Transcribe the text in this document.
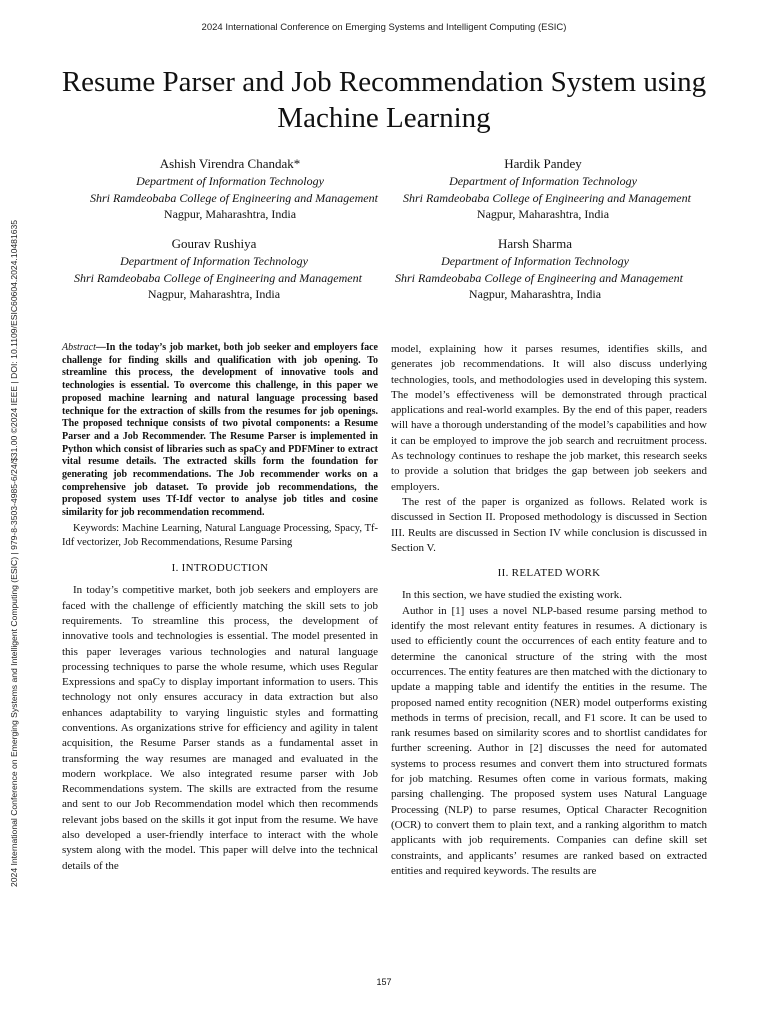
2024 International Conference on Emerging Systems and Intelligent Computing (ESIC)
2024 International Conference on Emerging Systems and Intelligent Computing (ESIC) | 979-8-3503-4985-6/24/$31.00 ©2024 IEEE | DOI: 10.1109/ESIC60604.2024.10481635
Resume Parser and Job Recommendation System using Machine Learning
Ashish Virendra Chandak*
Department of Information Technology
Shri Ramdeobaba College of Engineering and Management
Nagpur, Maharashtra, India
Hardik Pandey
Department of Information Technology
Shri Ramdeobaba College of Engineering and Management
Nagpur, Maharashtra, India
Gourav Rushiya
Department of Information Technology
Shri Ramdeobaba College of Engineering and Management
Nagpur, Maharashtra, India
Harsh Sharma
Department of Information Technology
Shri Ramdeobaba College of Engineering and Management
Nagpur, Maharashtra, India

Abstract—In the today’s job market, both job seeker and employers face challenge for finding skills and qualification with job opening. To streamline this process, the development of innovative tools and technologies is essential. To overcome this challenge, in this paper we proposed machine learning and natural language processing based technique for the extraction of skills from the resumes for job openings. The proposed technique consists of two pivotal components: a Resume Parser and a Job Recommender. The Resume Parser is implemented in Python which consist of libraries such as spaCy and PDFMiner to extract vital resume details. The extracted skills form the foundation for generating job recommendations. The Job recommender works on a comprehensive job dataset. To provide job recommendations, the proposed system uses Tf-Idf vector to analyse job titles and cosine similarity for job recommendation recommend.

Keywords: Machine Learning, Natural Language Processing, Spacy, Tf-Idf vectorizer, Job Recommendations, Resume Parsing

I. INTRODUCTION

In today’s competitive market, both job seekers and employers are faced with the challenge of efficiently matching the skill sets to job requirements. To streamline this process, the development of innovative tools and technologies is essential. The model presented in this paper leverages various technologies and natural language processing techniques to parse the whole resume, which uses Regular Expressions and spaCy to display important information to users. This technology not only ensures accuracy in data extraction but also enhances adaptability to varying linguistic styles and formatting conventions. As organizations strive for efficiency and agility in talent acquisition, the Resume Parser stands as a fundamental asset in transforming the way resumes are managed and evaluated in the modern workplace. We also integrated resume parser with Job Recommendations system. The skills are extracted from the resume and sent to our Job Recommendation model which then recommends relevant jobs based on the skills it got input from the resume. We have also developed a user-friendly interface to interact with the whole system along with the model. This paper will delve into the technical details of the

model, explaining how it parses resumes, identifies skills, and generates job recommendations. It will also discuss underlying technologies, tools, and methodologies used in developing this system. The model’s effectiveness will be demonstrated through practical applications and real-world examples. By the end of this paper, readers will have a thorough understanding of the model’s capabilities and how it can be employed to improve the job search and recruitment process. As technology continues to reshape the job market, this research seeks to provide a solution that bridges the gap between job seekers and employers.

The rest of the paper is organized as follows. Related work is discussed in Section II. Proposed methodology is discussed in Section III. Reults are discussed in Section IV while conclusion is discussed in Section V.

II. RELATED WORK

In this section, we have studied the existing work.

Author in [1] uses a novel NLP-based resume parsing method to identify the most relevant entity features in resumes. A dictionary is used to efficiently count the occurrences of each entity feature and to determine the canonical structure of the string with the most occurrences. The entity features are then matched with the dictionary to update a mapping table and identify the entities in the resume. The proposed named entity recognition (NER) model outperforms existing methods in terms of precision, recall, and F1 score. It can be used to rank resumes based on similarity scores and to shortlist candidates for further screening. Author in [2] discusses the need for automated systems to process resumes and convert them into structured formats for job matching. Resumes often come in various formats, making parsing challenging. The proposed system uses Natural Language Processing (NLP) to parse resumes, Optical Character Recognition (OCR) to convert them to plain text, and a ranking algorithm to match applicants with job requirements. Companies can define skill set constraints, and applicants’ resumes are ranked based on extracted entities and required keywords. The results are

157
